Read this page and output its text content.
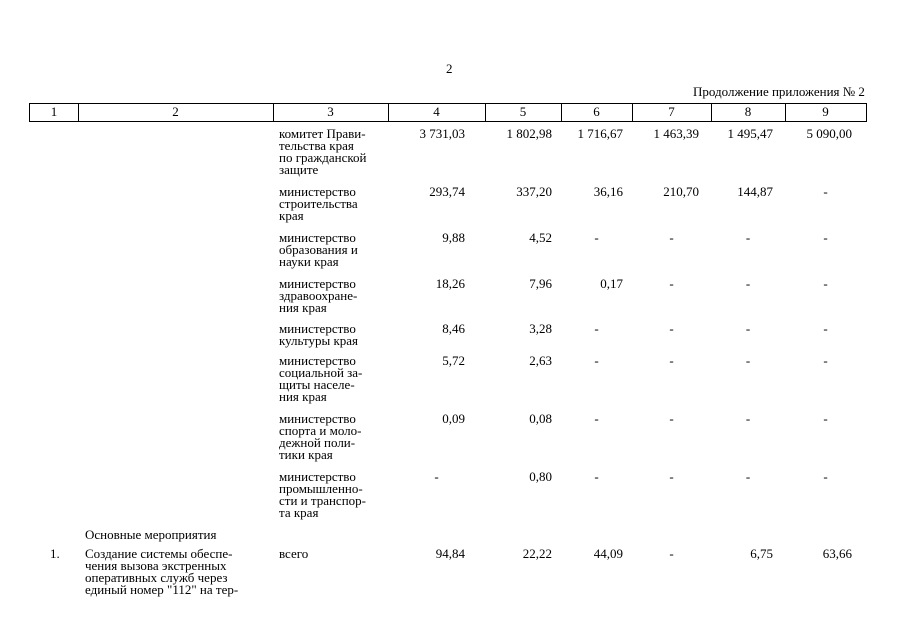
2
Продолжение приложения № 2
1	2	3	4	5	6	7	8	9
комитет Прави-
тельства края
по гражданской
защите
3 731,03	1 802,98	1 716,67	1 463,39	1 495,47	5 090,00
министерство
строительства
края
293,74	337,20	36,16	210,70	144,87	-
министерство
образования и
науки края
9,88	4,52	-	-	-	-
министерство
здравоохране-
ния края
18,26	7,96	0,17	-	-	-
министерство
культуры края
8,46	3,28	-	-	-	-
министерство
социальной за-
щиты населе-
ния края
5,72	2,63	-	-	-	-
министерство
спорта и моло-
дежной поли-
тики края
0,09	0,08	-	-	-	-
министерство
промышленно-
сти и транспор-
та края
-	0,80	-	-	-	-
Основные мероприятия
1. Создание системы обеспе-
чения вызова экстренных
оперативных служб через
единый номер "112" на тер-
всего	94,84	22,22	44,09	-	6,75	63,66
